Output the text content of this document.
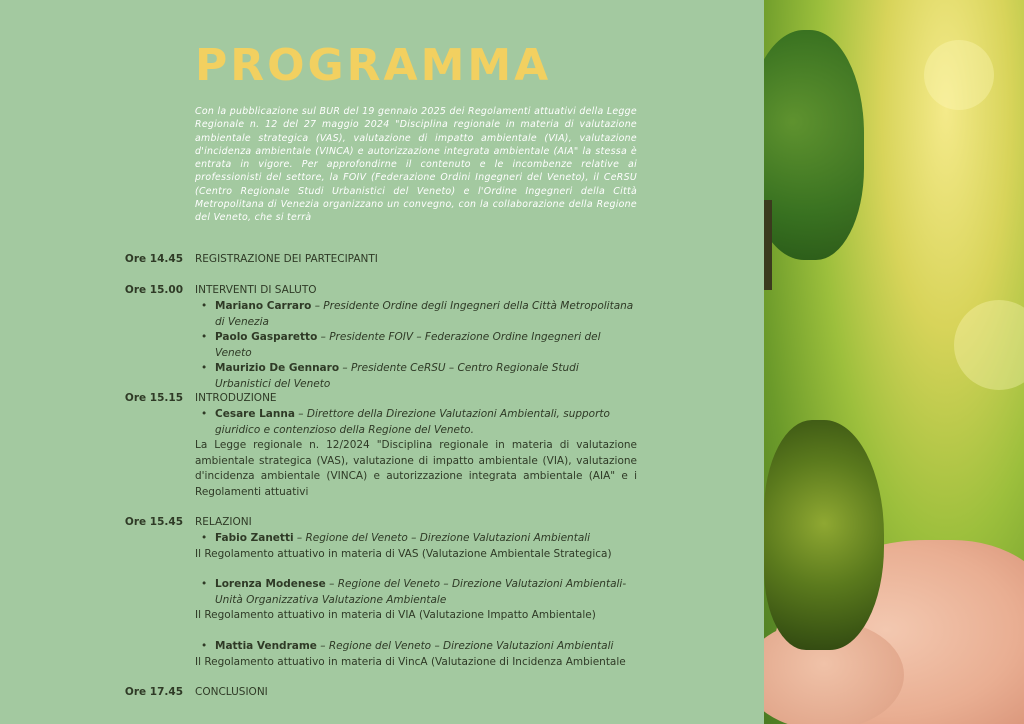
PROGRAMMA
Con la pubblicazione sul BUR del 19 gennaio 2025 dei Regolamenti attuativi della Legge Regionale n. 12 del 27 maggio 2024 "Disciplina regionale in materia di valutazione ambientale strategica (VAS), valutazione di impatto ambientale (VIA), valutazione d'incidenza ambientale (VINCA) e autorizzazione integrata ambientale (AIA" la stessa è entrata in vigore. Per approfondirne il contenuto e le incombenze relative ai professionisti del settore, la FOIV (Federazione Ordini Ingegneri del Veneto), il CeRSU (Centro Regionale Studi Urbanistici del Veneto) e l'Ordine Ingegneri della Città Metropolitana di Venezia organizzano un convegno, con la collaborazione della Regione del Veneto, che si terrà
Ore 14.45 REGISTRAZIONE DEI PARTECIPANTI
Ore 15.00 INTERVENTI DI SALUTO
• Mariano Carraro – Presidente Ordine degli Ingegneri della Città Metropolitana di Venezia
• Paolo Gasparetto – Presidente FOIV – Federazione Ordine Ingegneri del Veneto
• Maurizio De Gennaro – Presidente CeRSU – Centro Regionale Studi Urbanistici del Veneto
Ore 15.15 INTRODUZIONE
• Cesare Lanna – Direttore della Direzione Valutazioni Ambientali, supporto giuridico e contenzioso della Regione del Veneto.
La Legge regionale n. 12/2024 "Disciplina regionale in materia di valutazione ambientale strategica (VAS), valutazione di impatto ambientale (VIA), valutazione d'incidenza ambientale (VINCA) e autorizzazione integrata ambientale (AIA" e i Regolamenti attuativi
Ore 15.45 RELAZIONI
• Fabio Zanetti – Regione del Veneto – Direzione Valutazioni Ambientali
Il Regolamento attuativo in materia di VAS (Valutazione Ambientale Strategica)
• Lorenza Modenese – Regione del Veneto – Direzione Valutazioni Ambientali- Unità Organizzativa Valutazione Ambientale
Il Regolamento attuativo in materia di VIA (Valutazione Impatto Ambientale)
• Mattia Vendrame – Regione del Veneto – Direzione Valutazioni Ambientali
Il Regolamento attuativo in materia di VincA (Valutazione di Incidenza Ambientale
Ore 17.45 CONCLUSIONI
